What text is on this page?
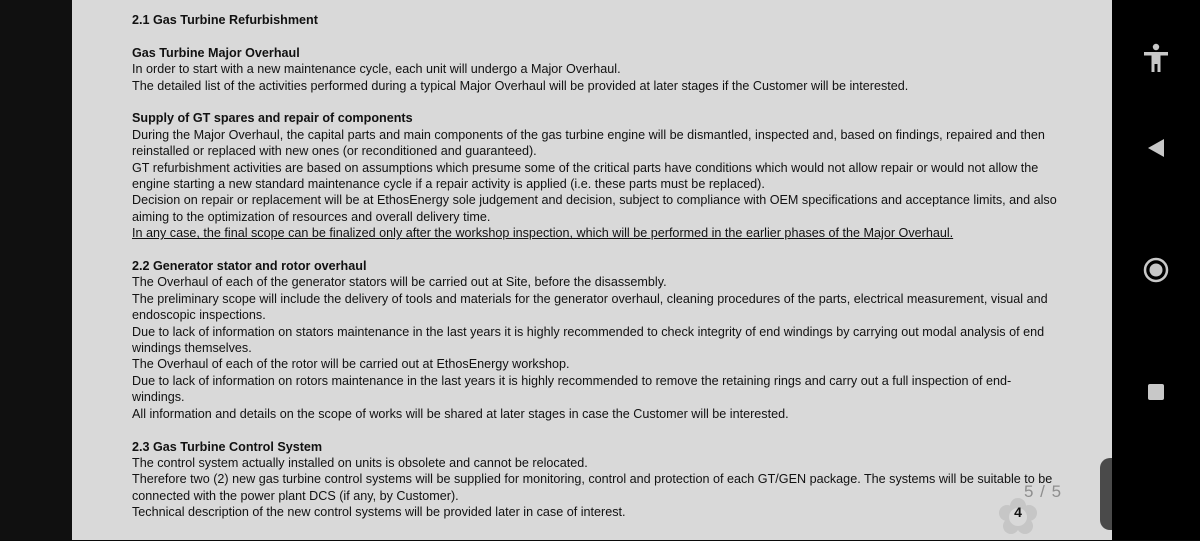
2.1 Gas Turbine Refurbishment

Gas Turbine Major Overhaul

In order to start with a new maintenance cycle, each unit will undergo a Major Overhaul.

The detailed list of the activities performed during a typical Major Overhaul will be provided at later stages if the Customer will be interested.

Supply of GT spares and repair of components

During the Major Overhaul, the capital parts and main components of the gas turbine engine will be dismantled, inspected and, based on findings, repaired and then

reinstalled or replaced with new ones (or reconditioned and guaranteed).

GT refurbishment activities are based on assumptions which presume some of the critical parts have conditions which would not allow repair or would not allow the

engine starting a new standard maintenance cycle if a repair activity is applied (i.e. these parts must be replaced).

Decision on repair or replacement will be at EthosEnergy sole judgement and decision, subject to compliance with OEM specifications and acceptance limits, and also

aiming to the optimization of resources and overall delivery time.

In any case, the final scope can be finalized only after the workshop inspection, which will be performed in the earlier phases of the Major Overhaul.

2.2 Generator stator and rotor overhaul

The Overhaul of each of the generator stators will be carried out at Site, before the disassembly.

The preliminary scope will include the delivery of tools and materials for the generator overhaul, cleaning procedures of the parts, electrical measurement, visual and

endoscopic inspections.

Due to lack of information on stators maintenance in the last years it is highly recommended to check integrity of end windings by carrying out modal analysis of end

windings themselves.

The Overhaul of each of the rotor will be carried out at EthosEnergy workshop.

Due to lack of information on rotors maintenance in the last years it is highly recommended to remove the retaining rings and carry out a full inspection of end-

windings.

All information and details on the scope of works will be shared at later stages in case the Customer will be interested.

2.3 Gas Turbine Control System

The control system actually installed on units is obsolete and cannot be relocated.

Therefore two (2) new gas turbine control systems will be supplied for monitoring, control and protection of each GT/GEN package. The systems will be suitable to be

connected with the power plant DCS (if any, by Customer).

Technical description of the new control systems will be provided later in case of interest.

5 / 5
4
